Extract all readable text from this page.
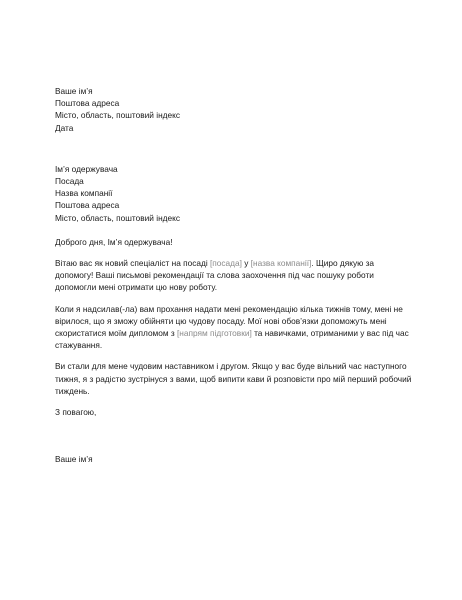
Ваше ім’я
Поштова адреса
Місто, область, поштовий індекс
Дата
Ім’я одержувача
Посада
Назва компанії
Поштова адреса
Місто, область, поштовий індекс

Доброго дня, Ім’я одержувача!

Вітаю вас як новий спеціаліст на посаді [посада] у [назва компанії]. Щиро дякую за допомогу! Ваші письмові рекомендації та слова заохочення під час пошуку роботи допомогли мені отримати цю нову роботу.

Коли я надсилав(-ла) вам прохання надати мені рекомендацію кілька тижнів тому, мені не вірилося, що я зможу обійняти цю чудову посаду. Мої нові обов’язки допоможуть мені скористатися моїм дипломом з [напрям підготовки] та навичками, отриманими у вас під час стажування.

Ви стали для мене чудовим наставником і другом. Якщо у вас буде вільний час наступного тижня, я з радістю зустрінуся з вами, щоб випити кави й розповісти про мій перший робочий тиждень.

З повагою,

Ваше ім’я
